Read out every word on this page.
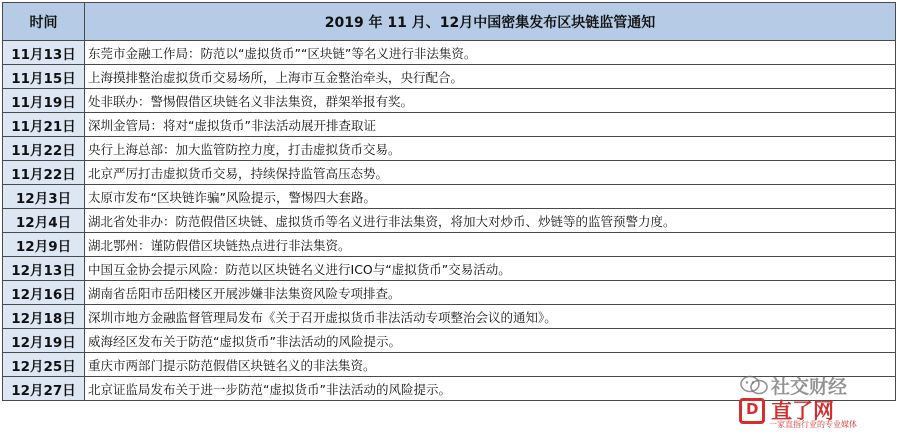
时间	2019 年 11 月、12月中国密集发布区块链监管通知
11月13日	东莞市金融工作局：防范以“虚拟货币”“区块链”等名义进行非法集资。
11月15日	上海摸排整治虚拟货币交易场所，上海市互金整治牵头，央行配合。
11月19日	处非联办：警惕假借区块链名义非法集资，群架举报有奖。
11月21日	深圳金管局：将对“虚拟货币”非法活动展开排查取证
11月22日	央行上海总部：加大监管防控力度，打击虚拟货币交易。
11月22日	北京严厉打击虚拟货币交易，持续保持监管高压态势。
12月3日	太原市发布“区块链诈骗”风险提示，警惕四大套路。
12月4日	湖北省处非办：防范假借区块链、虚拟货币等名义进行非法集资，将加大对炒币、炒链等的监管预警力度。
12月9日	湖北鄂州：谨防假借区块链热点进行非法集资。
12月13日	中国互金协会提示风险：防范以区块链名义进行ICO与“虚拟货币”交易活动。
12月16日	湖南省岳阳市岳阳楼区开展涉嫌非法集资风险专项排查。
12月18日	深圳市地方金融监督管理局发布《关于召开虚拟货币非法活动专项整治会议的通知》。
12月19日	威海经区发布关于防范“虚拟货币”非法活动的风险提示。
12月25日	重庆市两部门提示防范假借区块链名义的非法集资。
12月27日	北京证监局发布关于进一步防范“虚拟货币”非法活动的风险提示。	社交财经
D 直了网
一家直指行业的专业媒体
